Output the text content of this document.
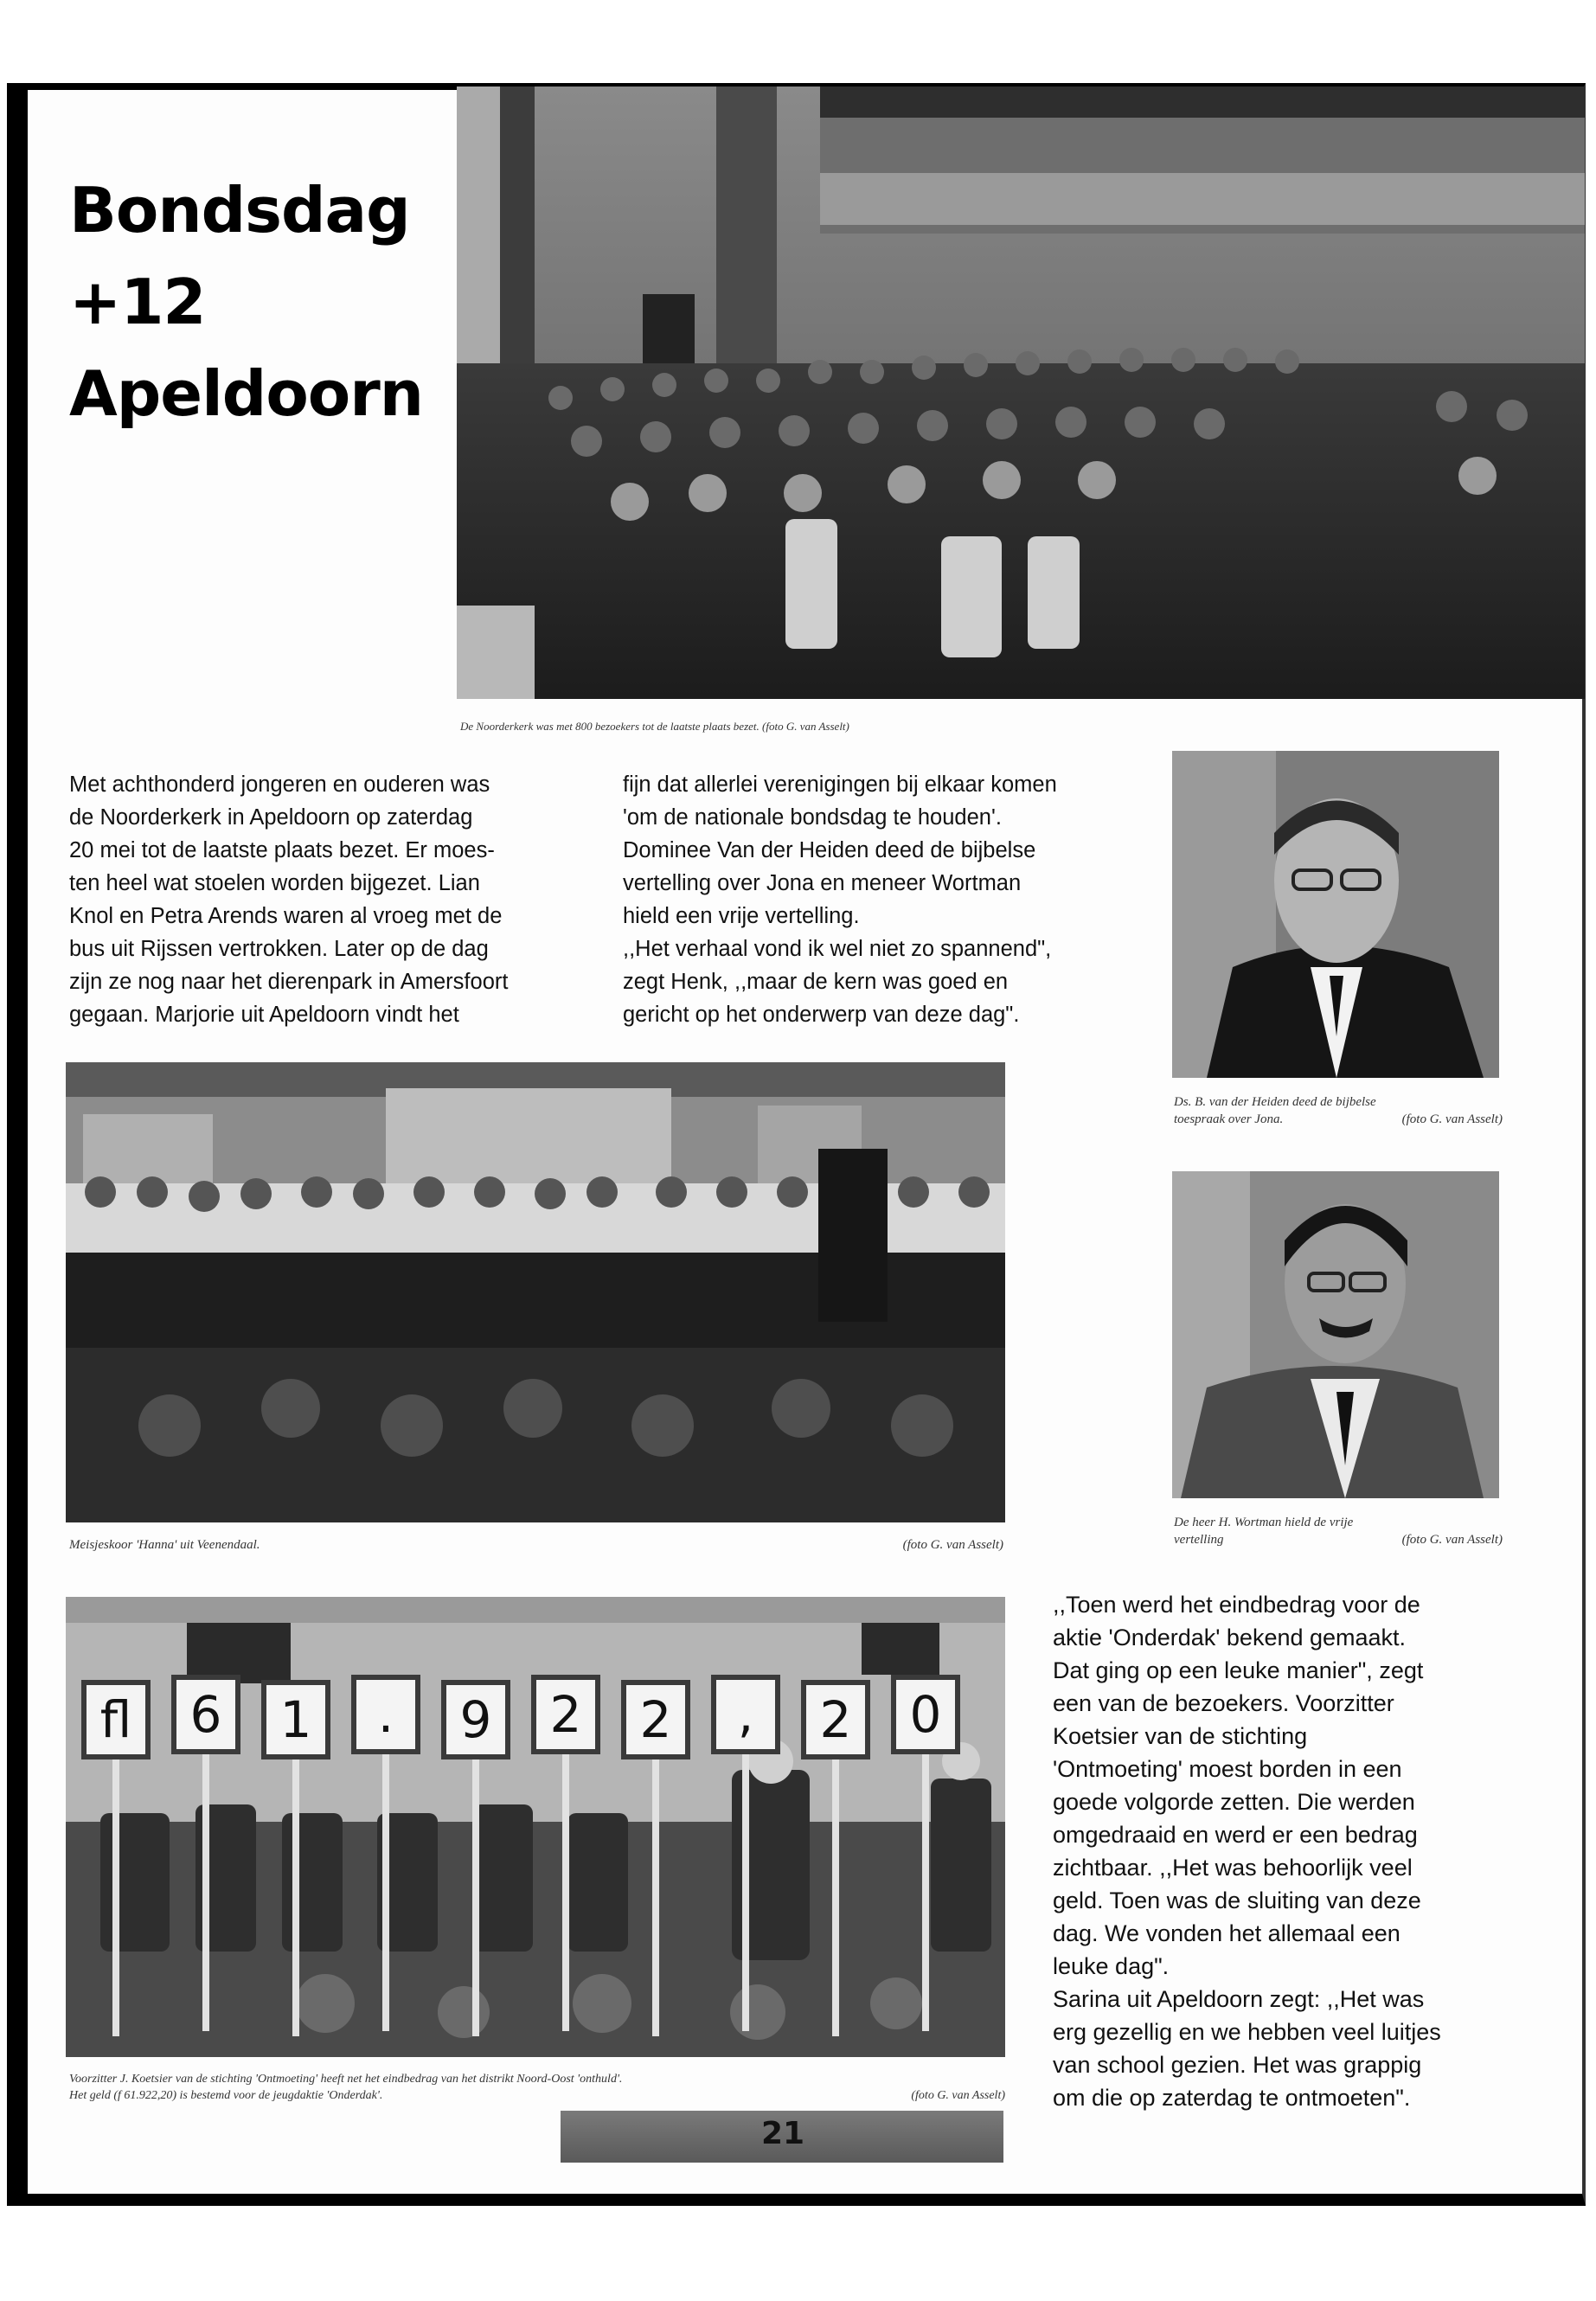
Bondsdag
+12
Apeldoorn
De Noorderkerk was met 800 bezoekers tot de laatste plaats bezet. (foto G. van Asselt)

Met achthonderd jongeren en ouderen was

de Noorderkerk in Apeldoorn op zaterdag

20 mei tot de laatste plaats bezet. Er moes-

ten heel wat stoelen worden bijgezet. Lian

Knol en Petra Arends waren al vroeg met de

bus uit Rijssen vertrokken. Later op de dag

zijn ze nog naar het dierenpark in Amersfoort

gegaan. Marjorie uit Apeldoorn vindt het

fijn dat allerlei verenigingen bij elkaar komen

'om de nationale bondsdag te houden'.

Dominee Van der Heiden deed de bijbelse

vertelling over Jona en meneer Wortman

hield een vrije vertelling.

,,Het verhaal vond ik wel niet zo spannend",

zegt Henk, ,,maar de kern was goed en

gericht op het onderwerp van deze dag".

Ds. B. van der Heiden deed de bijbelse
toespraak over Jona.	(foto G. van Asselt)
De heer H. Wortman hield de vrije
vertelling	(foto G. van Asselt)
Meisjeskoor 'Hanna' uit Veenendaal.	(foto G. van Asselt)
fl	6	1	.	9	2	2	,	2	0
Voorzitter J. Koetsier van de stichting 'Ontmoeting' heeft net het eindbedrag van het distrikt Noord-Oost 'onthuld'.
Het geld (f 61.922,20) is bestemd voor de jeugdaktie 'Onderdak'.	(foto G. van Asselt)

,,Toen werd het eindbedrag voor de

aktie 'Onderdak' bekend gemaakt.

Dat ging op een leuke manier", zegt

een van de bezoekers. Voorzitter

Koetsier van de stichting

'Ontmoeting' moest borden in een

goede volgorde zetten. Die werden

omgedraaid en werd er een bedrag

zichtbaar. ,,Het was behoorlijk veel

geld. Toen was de sluiting van deze

dag. We vonden het allemaal een

leuke dag".

Sarina uit Apeldoorn zegt: ,,Het was

erg gezellig en we hebben veel luitjes

van school gezien. Het was grappig

om die op zaterdag te ontmoeten".

21
